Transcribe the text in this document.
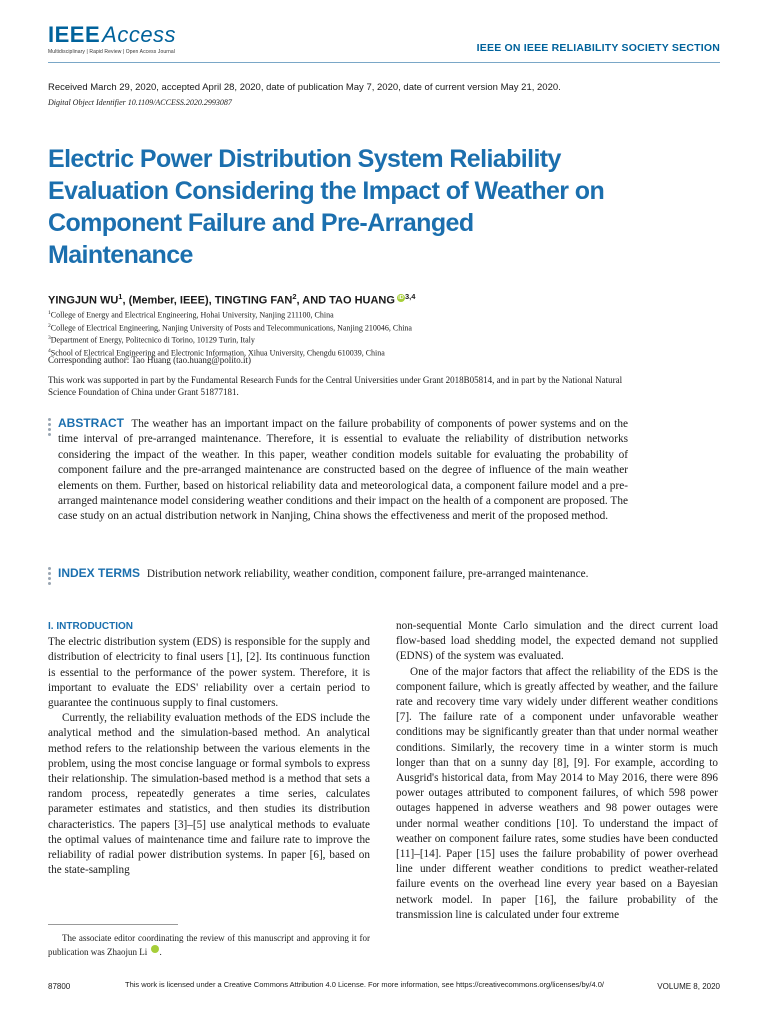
IEEEAccess
Multidisciplinary | Rapid Review | Open Access Journal	IEEE ON IEEE RELIABILITY SOCIETY SECTION
Received March 29, 2020, accepted April 28, 2020, date of publication May 7, 2020, date of current version May 21, 2020.
Digital Object Identifier 10.1109/ACCESS.2020.2993087
Electric Power Distribution System Reliability Evaluation Considering the Impact of Weather on Component Failure and Pre-Arranged Maintenance
YINGJUN $WU^1$, (Member, IEEE), TINGTING FAN$^2$, AND TAO HUANG iD$^{3,4}$
$^1$College of Energy and Electrical Engineering, Hohai University, Nanjing 211100, China
$^2$College of Electrical Engineering, Nanjing University of Posts and Telecommunications, Nanjing 210046, China
$^3$Department of Energy, Politecnico di Torino, 10129 Turin, Italy
$^4$School of Electrical Engineering and Electronic Information, Xihua University, Chengdu 610039, China
Corresponding author: Tao Huang (tao.huang@polito.it)
This work was supported in part by the Fundamental Research Funds for the Central Universities under Grant 2018B05814, and in part by the National Natural Science Foundation of China under Grant 51877181.
ABSTRACT The weather has an important impact on the failure probability of components of power systems and on the time interval of pre-arranged maintenance. Therefore, it is essential to evaluate the reliability of distribution networks considering the impact of the weather. In this paper, weather condition models suitable for evaluating the probability of component failure and the pre-arranged maintenance are constructed based on the degree of influence of the main weather elements on them. Further, based on historical reliability data and meteorological data, a component failure model and a pre-arranged maintenance model considering weather conditions and their impact on the health of a component are proposed. The case study on an actual distribution network in Nanjing, China shows the effectiveness and merit of the proposed method.
INDEX TERMS Distribution network reliability, weather condition, component failure, pre-arranged maintenance.
I. INTRODUCTION

The electric distribution system (EDS) is responsible for the supply and distribution of electricity to final users [1], [2]. Its continuous function is essential to the performance of the power system. Therefore, it is important to evaluate the EDS' reliability over a certain period to guarantee the continuous supply to final customers.

Currently, the reliability evaluation methods of the EDS include the analytical method and the simulation-based method. An analytical method refers to the relationship between the various elements in the problem, using the most concise language or formal symbols to express their relationship. The simulation-based method is a method that sets a random process, repeatedly generates a time series, calculates parameter estimates and statistics, and then studies its distribution characteristics. The papers [3]–[5] use analytical methods to evaluate the optimal values of maintenance time and failure rate to improve the reliability of radial power distribution systems. In paper [6], based on the state-sampling

The associate editor coordinating the review of this manuscript and approving it for publication was Zhaojun Li	iD.

non-sequential Monte Carlo simulation and the direct current load flow-based load shedding model, the expected demand not supplied (EDNS) of the system was evaluated.

One of the major factors that affect the reliability of the EDS is the component failure, which is greatly affected by weather, and the failure rate and recovery time vary widely under different weather conditions [7]. The failure rate of a component under unfavorable weather conditions may be significantly greater than that under normal weather conditions. Similarly, the recovery time in a winter storm is much longer than that on a sunny day [8], [9]. For example, according to Ausgrid's historical data, from May 2014 to May 2016, there were 896 power outages attributed to component failures, of which 598 power outages happened in adverse weathers and 98 power outages were under normal weather conditions [10]. To understand the impact of weather on component failure rates, some studies have been conducted [11]–[14]. Paper [15] uses the failure probability of power overhead line under different weather conditions to predict weather-related failure events on the overhead line every year based on a Bayesian network model. In paper [16], the failure probability of the transmission line is calculated under four extreme

87800	This work is licensed under a Creative Commons Attribution 4.0 License. For more information, see https://creativecommons.org/licenses/by/4.0/	VOLUME 8, 2020
